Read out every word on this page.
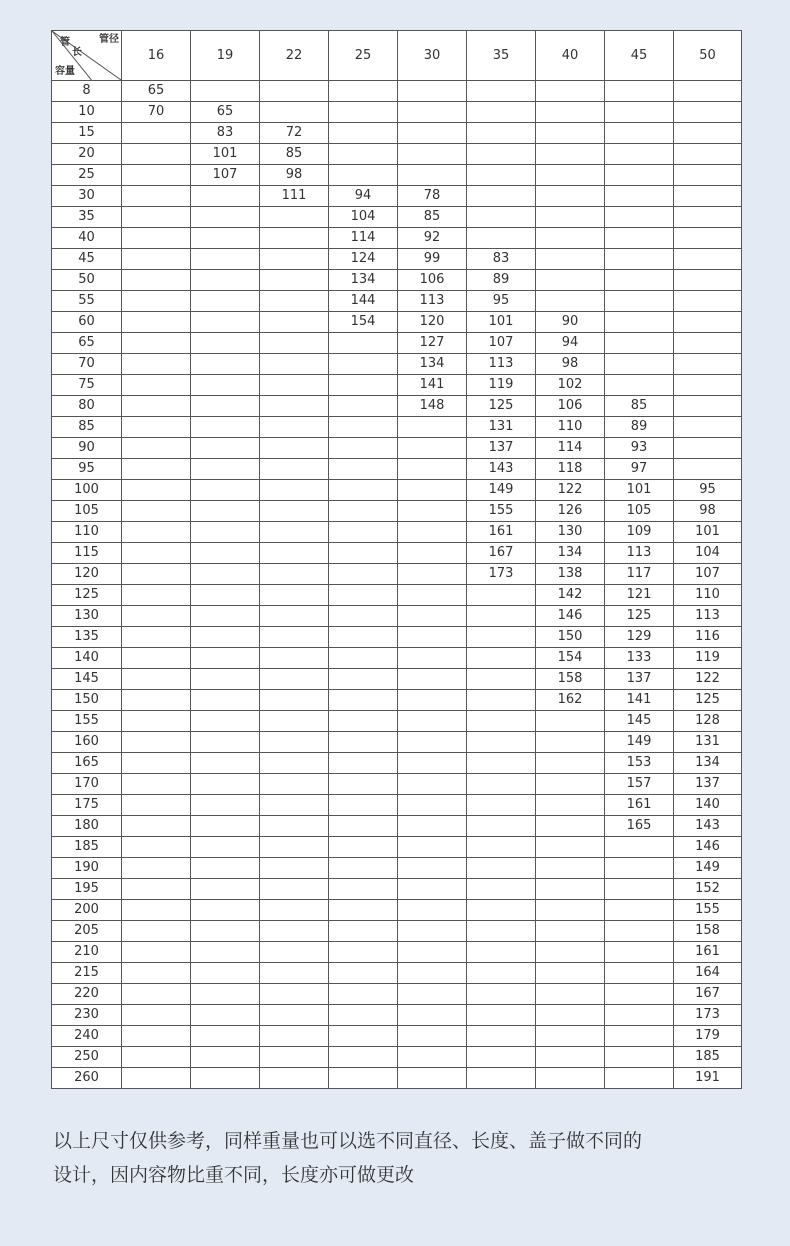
管径
管
长
容量	16	19	22	25	30	35	40	45	50
8	65								
10	70	65							
15		83	72						
20		101	85						
25		107	98						
30			111	94	78				
35				104	85				
40				114	92				
45				124	99	83			
50				134	106	89			
55				144	113	95			
60				154	120	101	90		
65					127	107	94		
70					134	113	98		
75					141	119	102		
80					148	125	106	85	
85						131	110	89	
90						137	114	93	
95						143	118	97	
100						149	122	101	95
105						155	126	105	98
110						161	130	109	101
115						167	134	113	104
120						173	138	117	107
125							142	121	110
130							146	125	113
135							150	129	116
140							154	133	119
145							158	137	122
150							162	141	125
155								145	128
160								149	131
165								153	134
170								157	137
175								161	140
180								165	143
185									146
190									149
195									152
200									155
205									158
210									161
215									164
220									167
230									173
240									179
250									185
260									191
以上尺寸仅供参考，同样重量也可以选不同直径、长度、盖子做不同的
设计，因内容物比重不同，长度亦可做更改
